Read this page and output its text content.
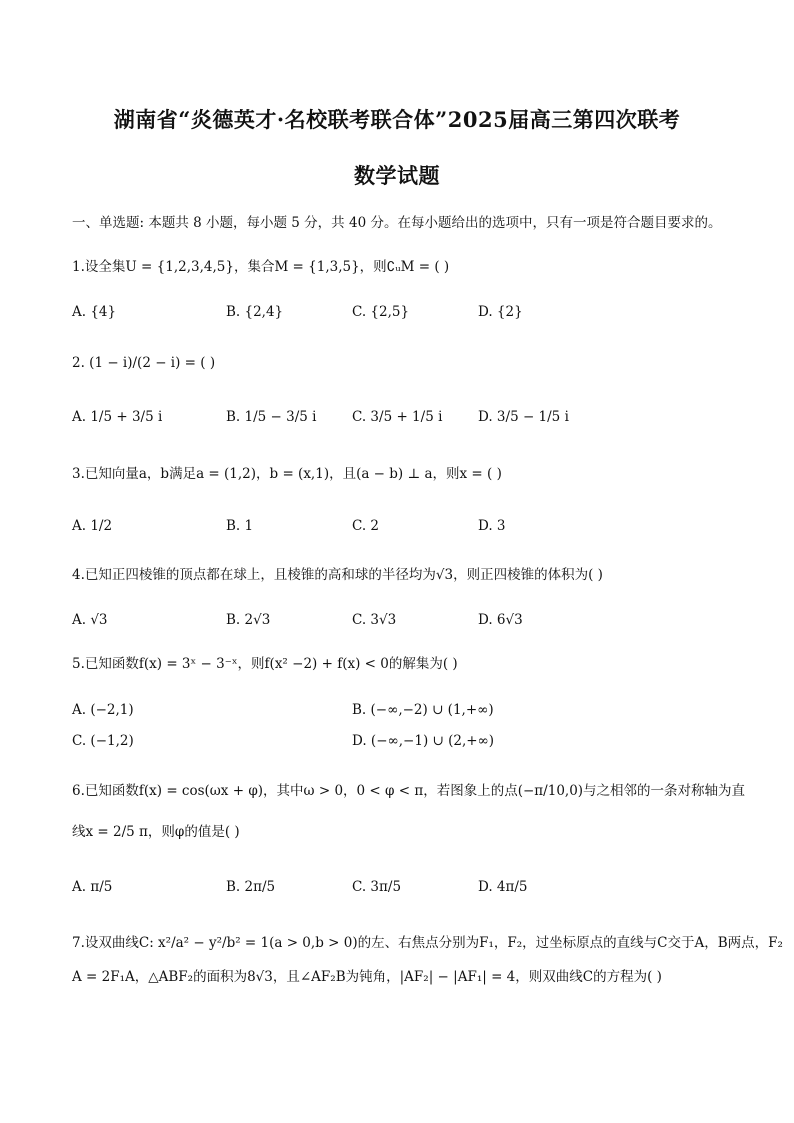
湖南省“炎德英才·名校联考联合体”2025届高三第四次联考
数学试题
一、单选题: 本题共 8 小题，每小题 5 分，共 40 分。在每小题给出的选项中，只有一项是符合题目要求的。
1.设全集U = {1,2,3,4,5}，集合M = {1,3,5}，则∁ᵤM = ( )
A. {4}	B. {2,4}	C. {2,5}	D. {2}
2. (1 − i)/(2 − i) = ( )
A. 1/5 + 3/5 i	B. 1/5 − 3/5 i	C. 3/5 + 1/5 i	D. 3/5 − 1/5 i
3.已知向量a，b满足a = (1,2)，b = (x,1)，且(a − b) ⊥ a，则x = ( )
A. 1/2	B. 1	C. 2	D. 3
4.已知正四棱锥的顶点都在球上，且棱锥的高和球的半径均为√3，则正四棱锥的体积为( )
A. √3	B. 2√3	C. 3√3	D. 6√3
5.已知函数f(x) = 3ˣ − 3⁻ˣ，则f(x² −2) + f(x) < 0的解集为( )
A. (−2,1)	B. (−∞,−2) ∪ (1,+∞)
C. (−1,2)	D. (−∞,−1) ∪ (2,+∞)
6.已知函数f(x) = cos(ωx + φ)，其中ω > 0，0 < φ < π，若图象上的点(−π/10,0)与之相邻的一条对称轴为直
线x = 2/5 π，则φ的值是( )
A. π/5	B. 2π/5	C. 3π/5	D. 4π/5
7.设双曲线C: x²/a² − y²/b² = 1(a > 0,b > 0)的左、右焦点分别为F₁，F₂，过坐标原点的直线与C交于A，B两点，F₂
A = 2F₁A，△ABF₂的面积为8√3，且∠AF₂B为钝角，|AF₂| − |AF₁| = 4，则双曲线C的方程为( )
